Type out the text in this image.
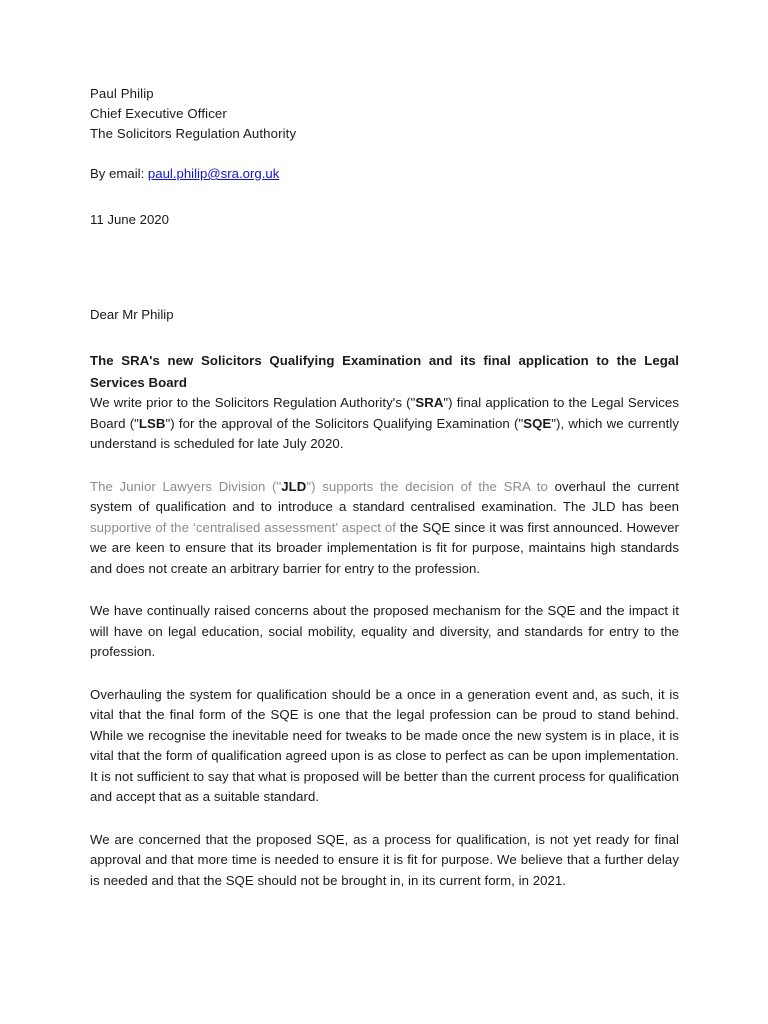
Paul Philip
Chief Executive Officer
The Solicitors Regulation Authority
By email: paul.philip@sra.org.uk
11 June 2020
Dear Mr Philip
The SRA's new Solicitors Qualifying Examination and its final application to the Legal Services Board

We write prior to the Solicitors Regulation Authority's ("SRA") final application to the Legal Services Board ("LSB") for the approval of the Solicitors Qualifying Examination ("SQE"), which we currently understand is scheduled for late July 2020.

The Junior Lawyers Division ("JLD") supports the decision of the SRA to overhaul the current system of qualification and to introduce a standard centralised examination. The JLD has been supportive of the ‘centralised assessment’ aspect of the SQE since it was first announced. However we are keen to ensure that its broader implementation is fit for purpose, maintains high standards and does not create an arbitrary barrier for entry to the profession.

We have continually raised concerns about the proposed mechanism for the SQE and the impact it will have on legal education, social mobility, equality and diversity, and standards for entry to the profession.

Overhauling the system for qualification should be a once in a generation event and, as such, it is vital that the final form of the SQE is one that the legal profession can be proud to stand behind. While we recognise the inevitable need for tweaks to be made once the new system is in place, it is vital that the form of qualification agreed upon is as close to perfect as can be upon implementation. It is not sufficient to say that what is proposed will be better than the current process for qualification and accept that as a suitable standard.

We are concerned that the proposed SQE, as a process for qualification, is not yet ready for final approval and that more time is needed to ensure it is fit for purpose. We believe that a further delay is needed and that the SQE should not be brought in, in its current form, in 2021.
